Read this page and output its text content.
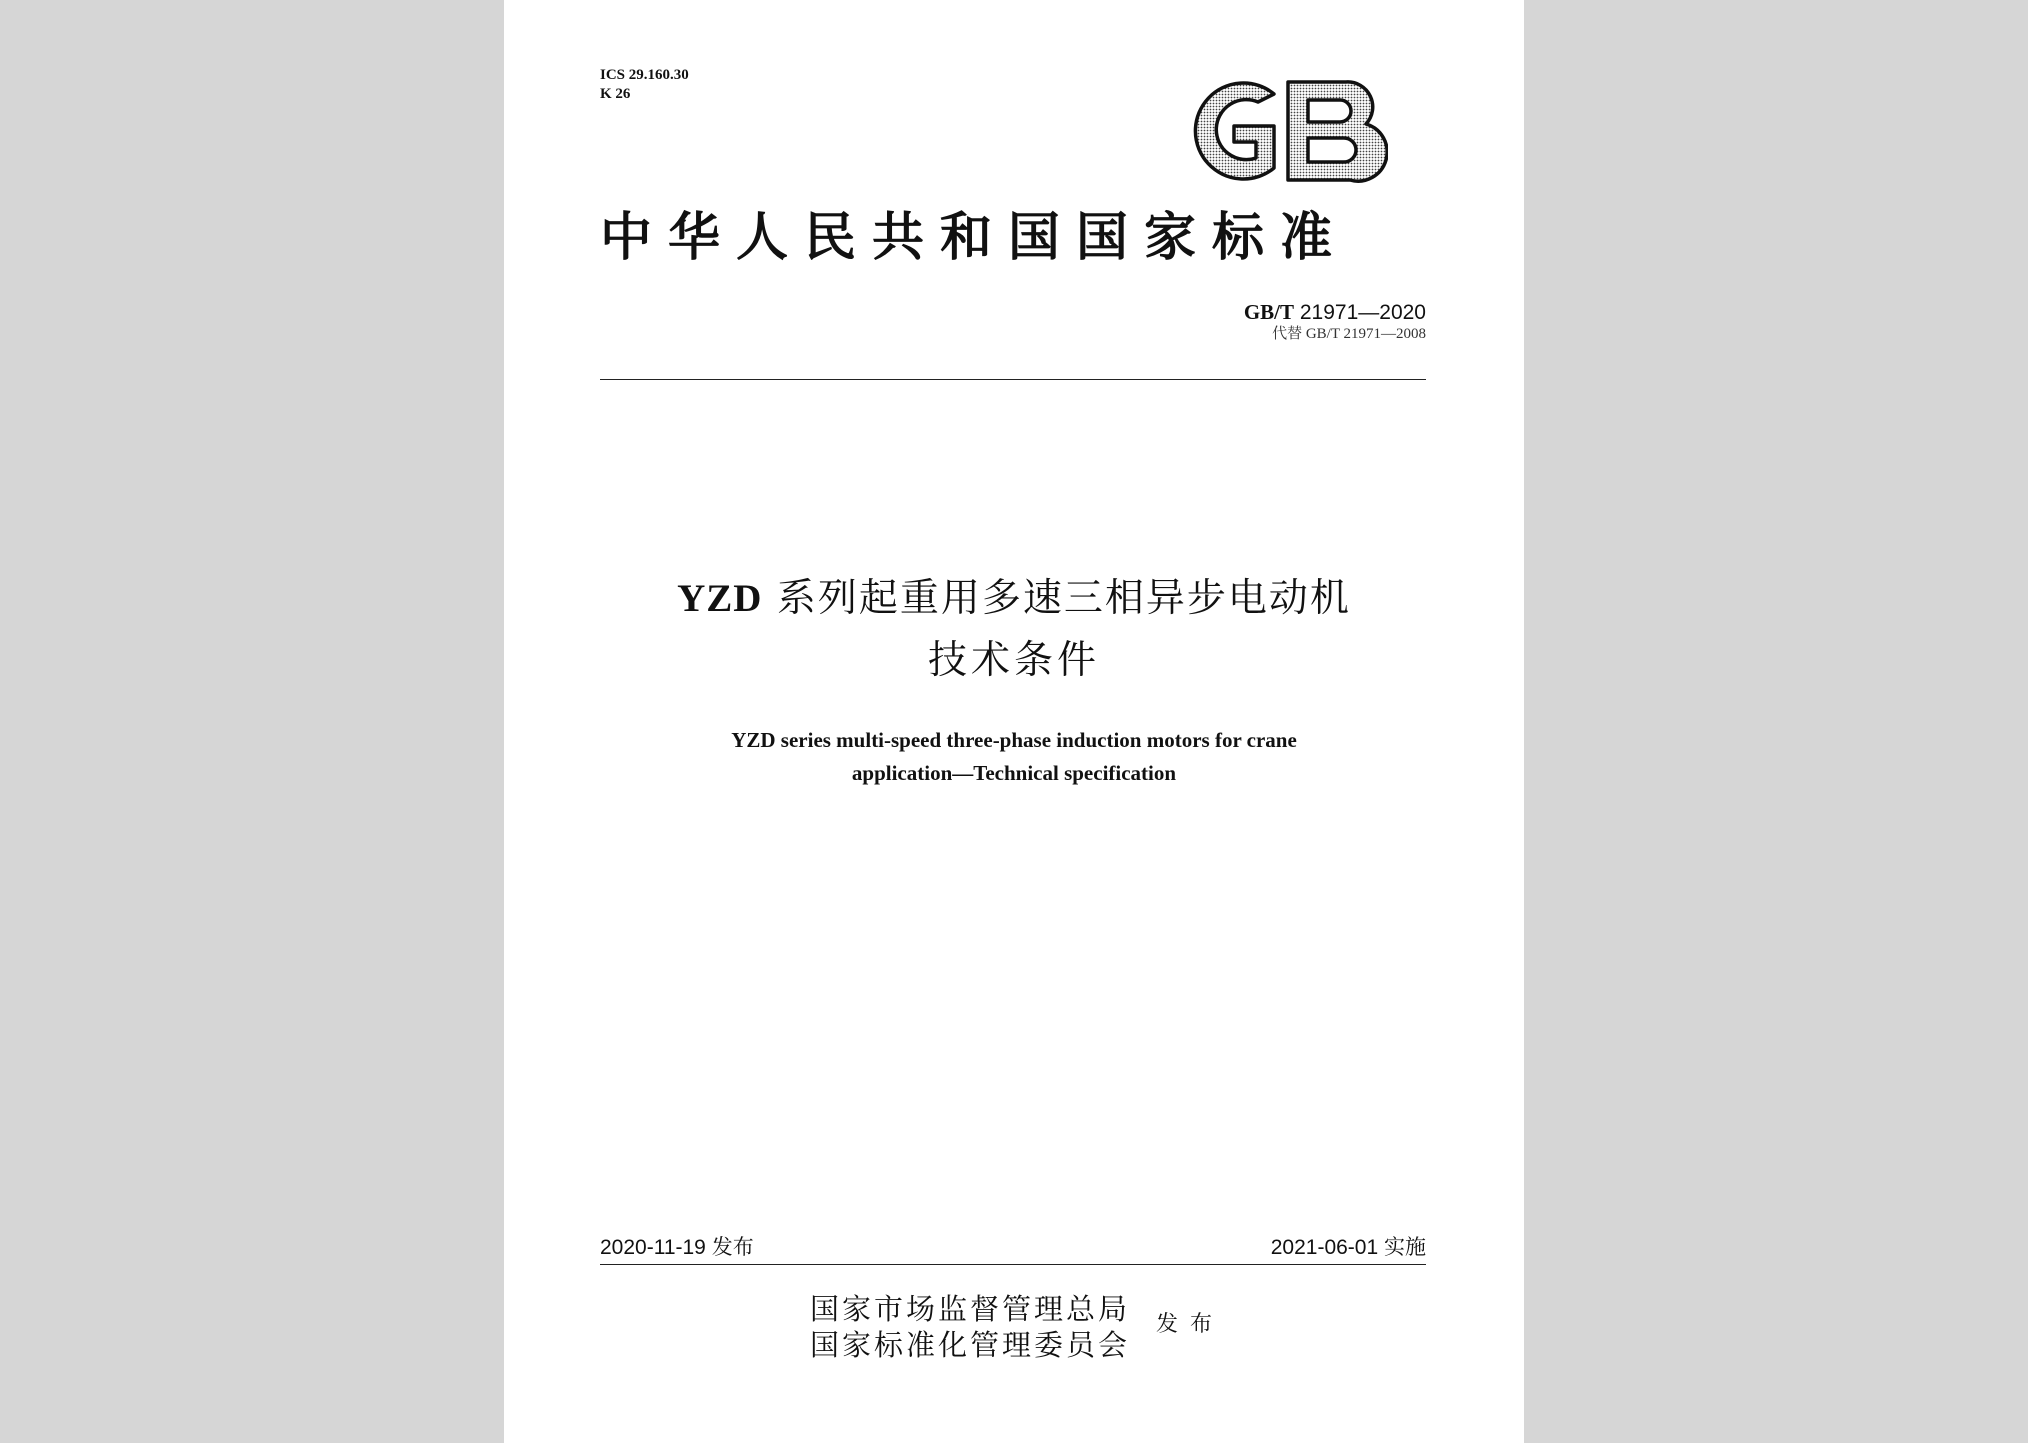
ICS 29.160.30
K 26
中华人民共和国国家标准
GB/T 21971—2020
代替 GB/T 21971—2008
YZD 系列起重用多速三相异步电动机
技术条件
YZD series multi-speed three-phase induction motors for crane
application—Technical specification
2020-11-19 发布	2021-06-01 实施
国家市场监督管理总局
国家标准化管理委员会
发布
